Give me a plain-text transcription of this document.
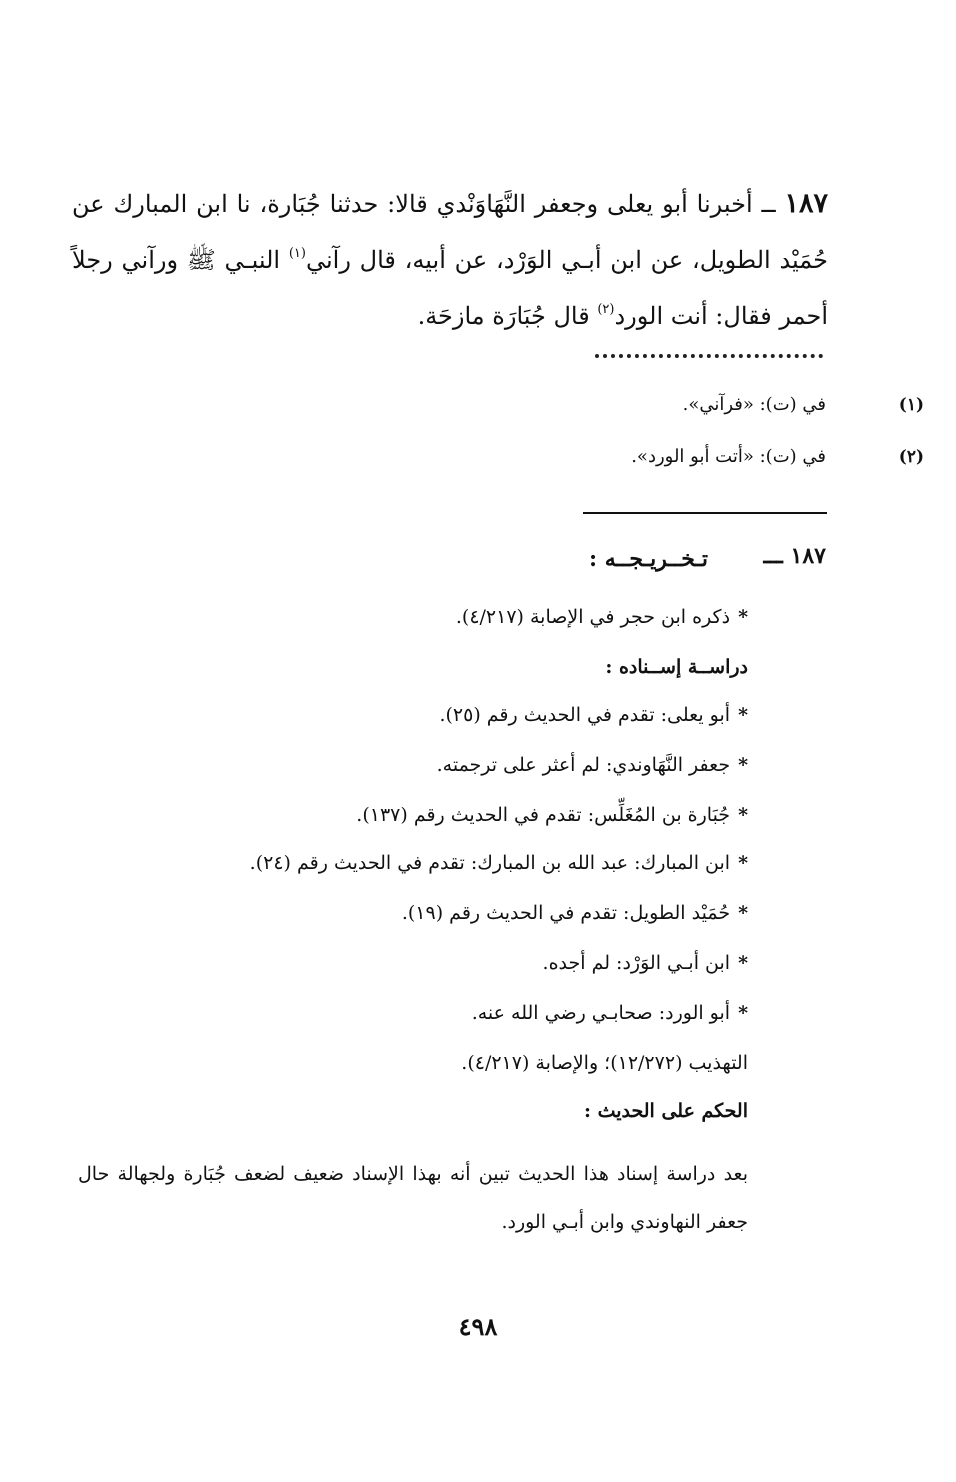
١٨٧ ــ أخبرنا أبو يعلى وجعفر النَّهَاوَنْدي قالا: حدثنا جُبَارة، نا ابن المبارك عن حُمَيْد الطويل، عن ابن أبـي الوَرْد، عن أبيه، قال رآني$^{(١)}$ النبـي ﷺ ورآني رجلاً أحمر فقال: أنت الورد$^{(٢)}$ قال جُبَارَة مازحَة.

(١)
في (ت): «فرآني».
(٢)
في (ت): «أتت أبو الورد».
١٨٧ ـــ
تـخــريـجــه :
*ذكره ابن حجر في الإصابة (٤/٢١٧).
دراســة إســناده :
*أبو يعلى: تقدم في الحديث رقم (٢٥).
*جعفر النَّهَاوندي: لم أعثر على ترجمته.
*جُبَارة بن المُغَلِّس: تقدم في الحديث رقم (١٣٧).
*ابن المبارك: عبد الله بن المبارك: تقدم في الحديث رقم (٢٤).
*حُمَيْد الطويل: تقدم في الحديث رقم (١٩).
*ابن أبـي الوَرْد: لم أجده.
*أبو الورد: صحابـي رضي الله عنه.
التهذيب (١٢/٢٧٢)؛ والإصابة (٤/٢١٧).
الحكم على الحديث :

بعد دراسة إسناد هذا الحديث تبين أنه بهذا الإسناد ضعيف لضعف جُبَارة ولجهالة حال جعفر النهاوندي وابن أبـي الورد.

٤٩٨
